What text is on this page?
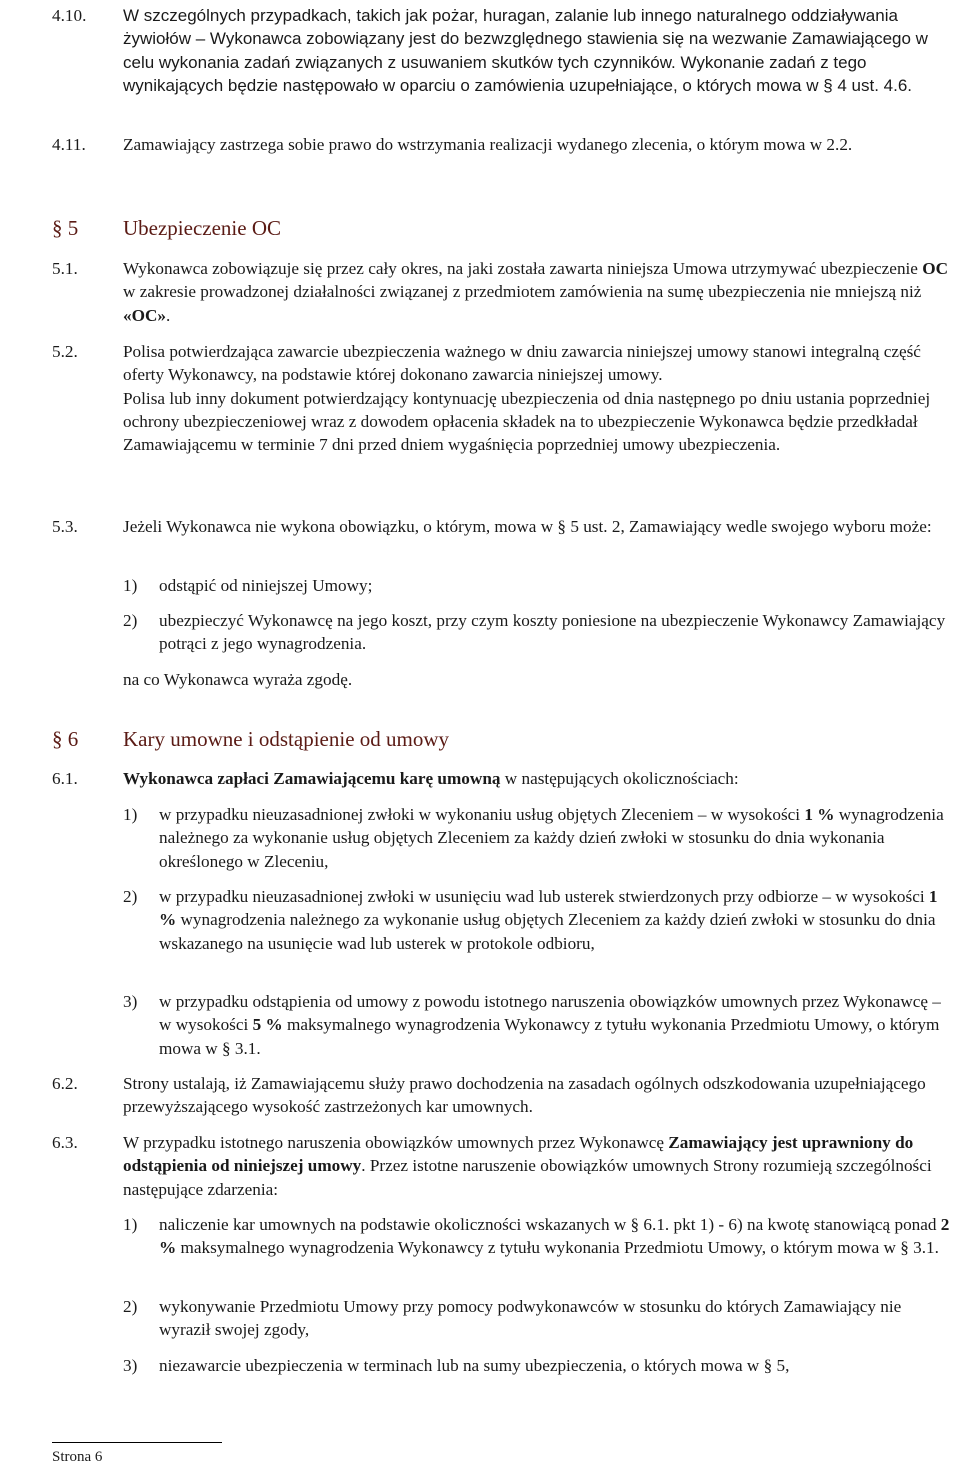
4.10. W szczególnych przypadkach, takich jak pożar, huragan, zalanie lub innego naturalnego oddziaływania żywiołów – Wykonawca zobowiązany jest do bezwzględnego stawienia się na wezwanie Zamawiającego w celu wykonania zadań związanych z usuwaniem skutków tych czynników. Wykonanie zadań z tego wynikających będzie następowało w oparciu o zamówienia uzupełniające, o których mowa w § 4 ust. 4.6.
4.11. Zamawiający zastrzega sobie prawo do wstrzymania realizacji wydanego zlecenia, o którym mowa w 2.2.
§ 5 Ubezpieczenie OC
5.1.	Wykonawca zobowiązuje się przez cały okres, na jaki została zawarta niniejsza Umowa utrzymywać ubezpieczenie OC w zakresie prowadzonej działalności związanej z przedmiotem zamówienia na sumę ubezpieczenia nie mniejszą niż «OC».
5.2.	Polisa potwierdzająca zawarcie ubezpieczenia ważnego w dniu zawarcia niniejszej umowy stanowi integralną część oferty Wykonawcy, na podstawie której dokonano zawarcia niniejszej umowy.
Polisa lub inny dokument potwierdzający kontynuację ubezpieczenia od dnia następnego po dniu ustania poprzedniej ochrony ubezpieczeniowej wraz z dowodem opłacenia składek na to ubezpieczenie Wykonawca będzie przedkładał Zamawiającemu w terminie 7 dni przed dniem wygaśnięcia poprzedniej umowy ubezpieczenia.
5.3.	Jeżeli Wykonawca nie wykona obowiązku, o którym, mowa w § 5 ust. 2, Zamawiający wedle swojego wyboru może:
1) odstąpić od niniejszej Umowy;
2) ubezpieczyć Wykonawcę na jego koszt, przy czym koszty poniesione na ubezpieczenie Wykonawcy Zamawiający potrąci z jego wynagrodzenia.
na co Wykonawca wyraża zgodę.
§ 6 Kary umowne i odstąpienie od umowy
6.1.	Wykonawca zapłaci Zamawiającemu karę umowną w następujących okolicznościach:
1) w przypadku nieuzasadnionej zwłoki w wykonaniu usług objętych Zleceniem – w wysokości 1 % wynagrodzenia należnego za wykonanie usług objętych Zleceniem za każdy dzień zwłoki w stosunku do dnia wykonania określonego w Zleceniu,
2) w przypadku nieuzasadnionej zwłoki w usunięciu wad lub usterek stwierdzonych przy odbiorze – w wysokości 1 % wynagrodzenia należnego za wykonanie usług objętych Zleceniem za każdy dzień zwłoki w stosunku do dnia wskazanego na usunięcie wad lub usterek w protokole odbioru,
3) w przypadku odstąpienia od umowy z powodu istotnego naruszenia obowiązków umownych przez Wykonawcę – w wysokości 5 % maksymalnego wynagrodzenia Wykonawcy z tytułu wykonania Przedmiotu Umowy, o którym mowa w § 3.1.
6.2.	Strony ustalają, iż Zamawiającemu służy prawo dochodzenia na zasadach ogólnych odszkodowania uzupełniającego przewyższającego wysokość zastrzeżonych kar umownych.
6.3.	W przypadku istotnego naruszenia obowiązków umownych przez Wykonawcę Zamawiający jest uprawniony do odstąpienia od niniejszej umowy. Przez istotne naruszenie obowiązków umownych Strony rozumieją szczególności następujące zdarzenia:
1) naliczenie kar umownych na podstawie okoliczności wskazanych w § 6.1. pkt 1) - 6) na kwotę stanowiącą ponad 2 % maksymalnego wynagrodzenia Wykonawcy z tytułu wykonania Przedmiotu Umowy, o którym mowa w § 3.1.
2) wykonywanie Przedmiotu Umowy przy pomocy podwykonawców w stosunku do których Zamawiający nie wyraził swojej zgody,
3) niezawarcie ubezpieczenia w terminach lub na sumy ubezpieczenia, o których mowa w § 5,
Strona 6
